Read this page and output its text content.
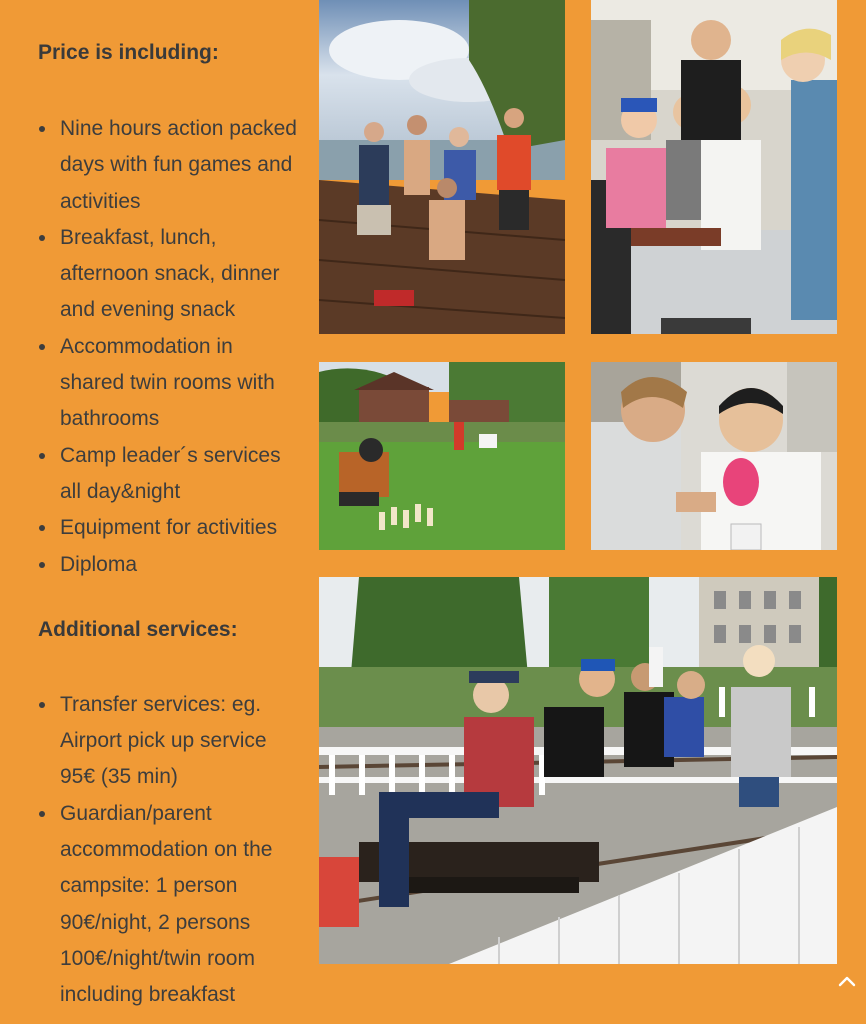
Price is including:
Nine hours action packed days with fun games and activities
Breakfast, lunch, afternoon snack, dinner and evening snack
Accommodation in shared twin rooms with bathrooms
Camp leader´s services all day&night
Equipment for activities
Diploma
Additional services:
Transfer services: eg. Airport pick up service 95€ (35 min)
Guardian/parent accommodation on the campsite: 1 person 90€/night, 2 persons 100€/night/twin room including breakfast
